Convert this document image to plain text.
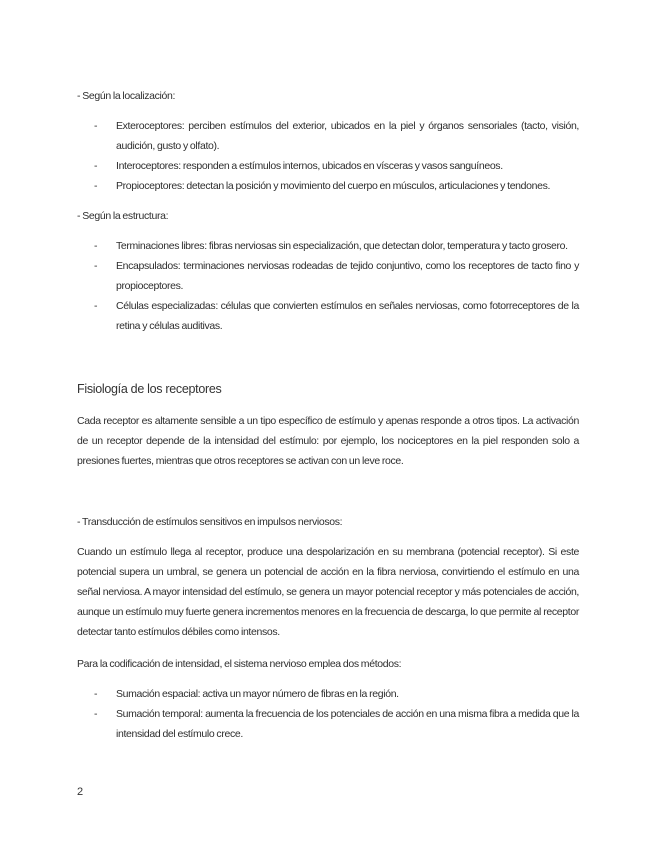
- Según la localización:
- Exteroceptores: perciben estímulos del exterior, ubicados en la piel y órganos sensoriales (tacto, visión, audición, gusto y olfato).
- Interoceptores: responden a estímulos internos, ubicados en vísceras y vasos sanguíneos.
- Propioceptores: detectan la posición y movimiento del cuerpo en músculos, articulaciones y tendones.
- Según la estructura:
- Terminaciones libres: fibras nerviosas sin especialización, que detectan dolor, temperatura y tacto grosero.
- Encapsulados: terminaciones nerviosas rodeadas de tejido conjuntivo, como los receptores de tacto fino y propioceptores.
- Células especializadas: células que convierten estímulos en señales nerviosas, como fotorreceptores de la retina y células auditivas.
Fisiología de los receptores
Cada receptor es altamente sensible a un tipo específico de estímulo y apenas responde a otros tipos. La activación de un receptor depende de la intensidad del estímulo: por ejemplo, los nociceptores en la piel responden solo a presiones fuertes, mientras que otros receptores se activan con un leve roce.
- Transducción de estímulos sensitivos en impulsos nerviosos:
Cuando un estímulo llega al receptor, produce una despolarización en su membrana (potencial receptor). Si este potencial supera un umbral, se genera un potencial de acción en la fibra nerviosa, convirtiendo el estímulo en una señal nerviosa. A mayor intensidad del estímulo, se genera un mayor potencial receptor y más potenciales de acción, aunque un estímulo muy fuerte genera incrementos menores en la frecuencia de descarga, lo que permite al receptor detectar tanto estímulos débiles como intensos.
Para la codificación de intensidad, el sistema nervioso emplea dos métodos:
- Sumación espacial: activa un mayor número de fibras en la región.
- Sumación temporal: aumenta la frecuencia de los potenciales de acción en una misma fibra a medida que la intensidad del estímulo crece.
2
